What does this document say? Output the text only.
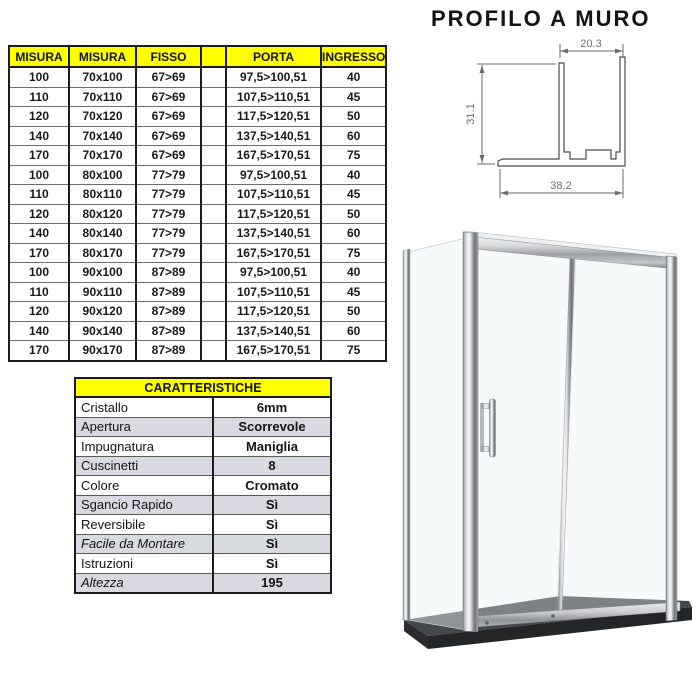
MISURA	MISURA	FISSO		PORTA	INGRESSO
100	70x100	67>69		97,5>100,51	40
110	70x110	67>69		107,5>110,51	45
120	70x120	67>69		117,5>120,51	50
140	70x140	67>69		137,5>140,51	60
170	70x170	67>69		167,5>170,51	75
100	80x100	77>79		97,5>100,51	40
110	80x110	77>79		107,5>110,51	45
120	80x120	77>79		117,5>120,51	50
140	80x140	77>79		137,5>140,51	60
170	80x170	77>79		167,5>170,51	75
100	90x100	87>89		97,5>100,51	40
110	90x110	87>89		107,5>110,51	45
120	90x120	87>89		117,5>120,51	50
140	90x140	87>89		137,5>140,51	60
170	90x170	87>89		167,5>170,51	75
CARATTERISTICHE	
Cristallo	6mm
Apertura	Scorrevole
Impugnatura	Maniglia
Cuscinetti	8
Colore	Cromato
Sgancio Rapido	Sì
Reversibile	Sì
Facile da Montare	Sì
Istruzioni	Sì
Altezza	195
PROFILO A MURO
20.3
31.1
38.2
